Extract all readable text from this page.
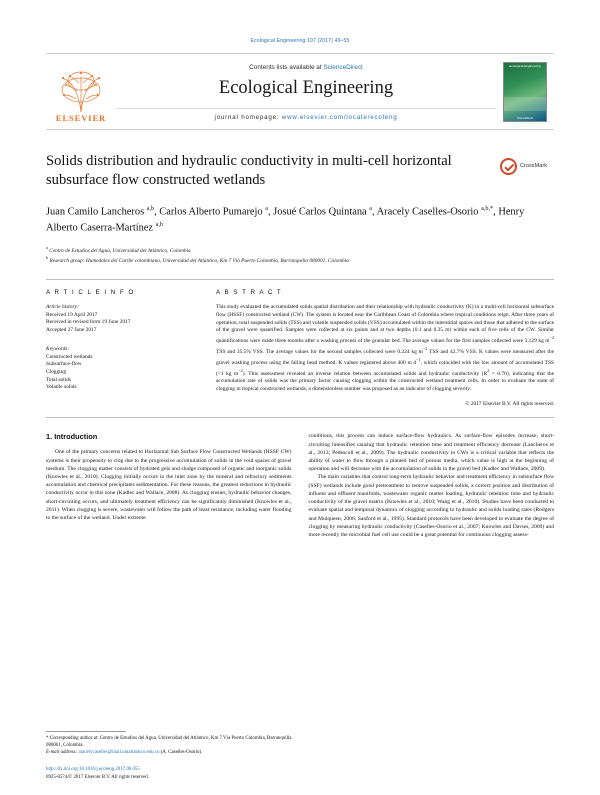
Ecological Engineering 107 (2017) 49–55
ELSEVIER
Contents lists available at ScienceDirect
Ecological Engineering
journal homepage: www.elsevier.com/locate/ecoleng
Ecological Engineering
ScienceDirect
Solids distribution and hydraulic conductivity in multi-cell horizontal subsurface flow constructed wetlands
CrossMark
Juan Camilo Lancheros $^{a,b}$, Carlos Alberto Pumarejo $^a$, Josué Carlos Quintana $^a$, Aracely Caselles-Osorio $^{a,b,*}$, Henry Alberto Caserra-Martínez $^{a,b}$
$^a$ Centro de Estudios del Agua, Universidad del Atlántico, Colombia
$^b$ Research group: Humedales del Caribe colombiano, Universidad del Atlántico, Km 7 Vía Puerto Colombia, Barranquilla 080001, Colombia
A R T I C L E I N F O
Article history:
Received 19 April 2017
Received in revised form 19 June 2017
Accepted 27 June 2017
Keywords:
Constructed wetlands
Subsurface-flow
Clogging
Total solids
Volatile solids
A B S T R A C T
This study evaluated the accumulated solids spatial distribution and their relationship with hydraulic conductivity (K) in a multi-cell horizontal subsurface flow (HSSF) constructed wetland (CW). The system is located near the Caribbean Coast of Colombia where tropical conditions reign. After three years of operation, total suspended solids (TSS) and volatile suspended solids (VSS) accumulated within the interstitial spaces and those that adhered to the surface of the gravel were quantified. Samples were collected at six points and at two depths (0.1 and 0.35 m) within each of five cells of the CW. Similar quantifications were made three months after a washing process of the granular bed. The average values for the first samples collected were 3.129 kg $m^{-2}$ TSS and 35.5% VSS. The average values for the second samples collected were 0.224 kg $m^{-2}$ TSS and 42.7% VSS. K values were measured after the gravel washing process using the falling head method. K values registered above 400 m $d^{-1}$, which coincided with the low amount of accumulated TSS (<1 kg $m^{-2}$). This assessment revealed an inverse relation between accumulated solids and hydraulic conductivity $(R^2 = 0.76)$, indicating that the accumulation rate of solids was the primary factor causing clogging within the constructed wetland treatment cells. In order to evaluate the state of clogging in tropical constructed wetlands, a dimensionless number was proposed as an indicator of clogging severity.
© 2017 Elsevier B.V. All rights reserved.
1. Introduction

One of the primary concerns related to Horizontal Sub Surface Flow Constructed Wetlands (HSSF CW) systems is their propensity to clog due to the progressive accumulation of solids in the void spaces of gravel medium. The clogging matter consists of hydrated gels and sludge composed of organic and inorganic solids (Knowles et al., 2010). Clogging initially occurs in the inlet zone by the mineral and refractory sediments accumulation and chemical precipitates sedimentation. For these reasons, the greatest reductions in hydraulic conductivity occur in this zone (Kadlec and Wallace, 2008). As clogging ensues, hydraulic behavior changes, short-circuiting occurs, and ultimately treatment efficiency can be significantly diminished (Knowles et al., 2011). When clogging is severe, wastewater will follow the path of least resistance, including water flooding to the surface of the wetland. Under extreme

conditions, this process can induce surface-flow hydraulics. As surface-flow episodes increase, short-circuiting intensifies causing that hydraulic retention time and treatment efficiency decrease (Lancheros et al., 2013; Pedescoll et al., 2009). The hydraulic conductivity in CWs is a critical variable that reflects the ability of water to flow through a planted bed of porous media, which value is high at the beginning of operation and will decrease with the accumulation of solids in the gravel bed (Kadlec and Wallace, 2009).

The main variables that control long-term hydraulic behavior and treatment efficiency in subsurface flow (SSF) wetlands include good pretreatment to remove suspended solids, a correct position and distribution of influent and effluent manifolds, wastewater organic matter loading, hydraulic retention time and hydraulic conductivity of the gravel matrix (Knowles et al., 2010; Wang et al., 2010). Studies have been conducted to evaluate spatial and temporal dynamics of clogging according to hydraulic and solids loading rates (Rodgers and Mulqueen, 2006; Sanford et al., 1995). Standard protocols have been developed to evaluate the degree of clogging by measuring hydraulic conductivity (Caselles-Osorio et al., 2007; Knowles and Davies, 2009) and more recently the microbial fuel cell use could be a great potential for continuous clogging assess-

* Corresponding author at: Centro de Estudios del Agua, Universidad del Atlántico, Km 7 Vía Puerto Colombia, Barranquilla 080001, Colombia.
E-mail address: aracelycaselles@mail.uniatlantico.edu.co (A. Caselles-Osorio).
http://dx.doi.org/10.1016/j.ecoleng.2017.06.055
0925-8574/© 2017 Elsevier B.V. All rights reserved.
